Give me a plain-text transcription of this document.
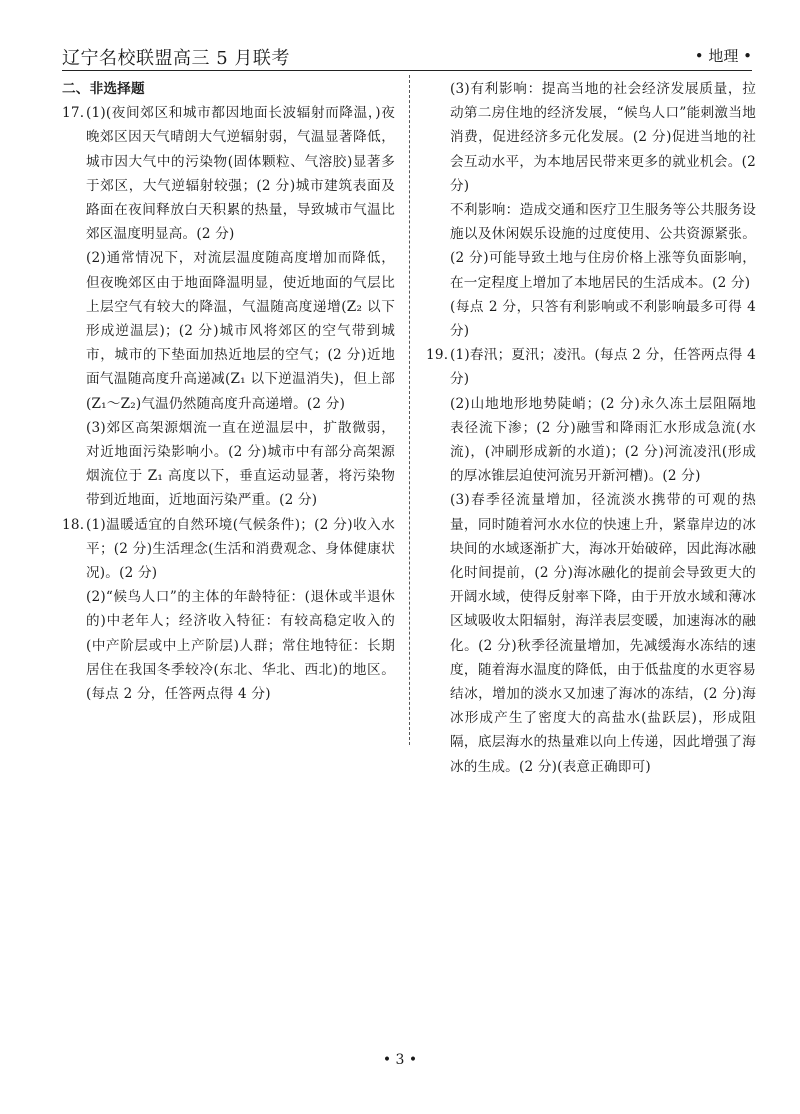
辽宁名校联盟高三 5 月联考	• 地理 •

二、非选择题

17. (1)(夜间郊区和城市都因地面长波辐射而降温，)夜晚郊区因天气晴朗大气逆辐射弱，气温显著降低，城市因大气中的污染物(固体颗粒、气溶胶)显著多于郊区，大气逆辐射较强；(2 分)城市建筑表面及路面在夜间释放白天积累的热量，导致城市气温比郊区温度明显高。(2 分)

(2)通常情况下，对流层温度随高度增加而降低，但夜晚郊区由于地面降温明显，使近地面的气层比上层空气有较大的降温，气温随高度递增(Z₂ 以下形成逆温层)；(2 分)城市风将郊区的空气带到城市，城市的下垫面加热近地层的空气；(2 分)近地面气温随高度升高递减(Z₁ 以下逆温消失)，但上部(Z₁～Z₂)气温仍然随高度升高递增。(2 分)

(3)郊区高架源烟流一直在逆温层中，扩散微弱，对近地面污染影响小。(2 分)城市中有部分高架源烟流位于 Z₁ 高度以下，垂直运动显著，将污染物带到近地面，近地面污染严重。(2 分)

18. (1)温暖适宜的自然环境(气候条件)；(2 分)收入水平；(2 分)生活理念(生活和消费观念、身体健康状况)。(2 分)

(2)“候鸟人口”的主体的年龄特征：(退休或半退休的)中老年人；经济收入特征：有较高稳定收入的(中产阶层或中上产阶层)人群；常住地特征：长期居住在我国冬季较冷(东北、华北、西北)的地区。(每点 2 分，任答两点得 4 分)

(3)有利影响：提高当地的社会经济发展质量，拉动第二房住地的经济发展，“候鸟人口”能刺激当地消费，促进经济多元化发展。(2 分)促进当地的社会互动水平，为本地居民带来更多的就业机会。(2 分)

不利影响：造成交通和医疗卫生服务等公共服务设施以及休闲娱乐设施的过度使用、公共资源紧张。(2 分)可能导致土地与住房价格上涨等负面影响，在一定程度上增加了本地居民的生活成本。(2 分)

(每点 2 分，只答有利影响或不利影响最多可得 4 分)

19. (1)春汛；夏汛；凌汛。(每点 2 分，任答两点得 4 分)

(2)山地地形地势陡峭；(2 分)永久冻土层阻隔地表径流下渗；(2 分)融雪和降雨汇水形成急流(水流)，(冲刷形成新的水道)；(2 分)河流凌汛(形成的厚冰锥层迫使河流另开新河槽)。(2 分)

(3)春季径流量增加，径流淡水携带的可观的热量，同时随着河水水位的快速上升，紧靠岸边的冰块间的水域逐渐扩大，海冰开始破碎，因此海冰融化时间提前，(2 分)海冰融化的提前会导致更大的开阔水域，使得反射率下降，由于开放水域和薄冰区域吸收太阳辐射，海洋表层变暖，加速海冰的融化。(2 分)秋季径流量增加，先减缓海水冻结的速度，随着海水温度的降低，由于低盐度的水更容易结冰，增加的淡水又加速了海冰的冻结，(2 分)海冰形成产生了密度大的高盐水(盐跃层)，形成阻隔，底层海水的热量难以向上传递，因此增强了海冰的生成。(2 分)(表意正确即可)

• 3 •
